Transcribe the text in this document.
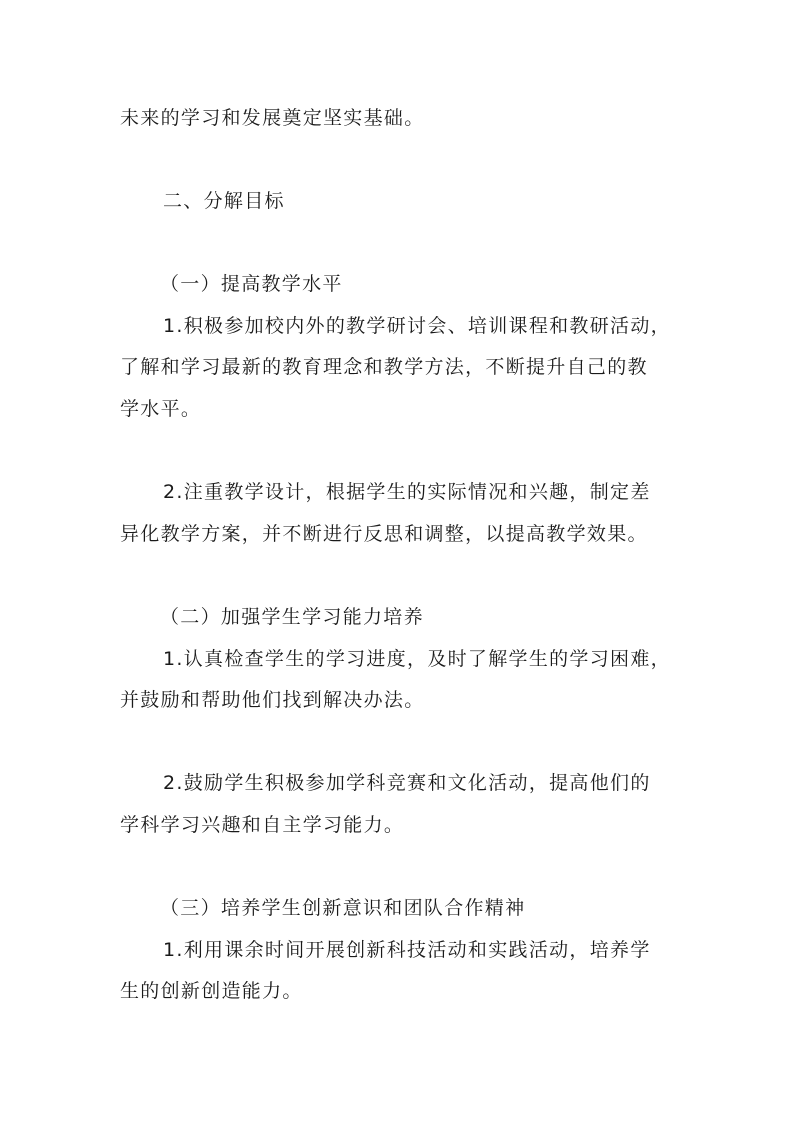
未来的学习和发展奠定坚实基础。
二、分解目标
（一）提高教学水平
1.积极参加校内外的教学研讨会、培训课程和教研活动，
了解和学习最新的教育理念和教学方法，不断提升自己的教
学水平。
2.注重教学设计，根据学生的实际情况和兴趣，制定差
异化教学方案，并不断进行反思和调整，以提高教学效果。
（二）加强学生学习能力培养
1.认真检查学生的学习进度，及时了解学生的学习困难，
并鼓励和帮助他们找到解决办法。
2.鼓励学生积极参加学科竞赛和文化活动，提高他们的
学科学习兴趣和自主学习能力。
（三）培养学生创新意识和团队合作精神
1.利用课余时间开展创新科技活动和实践活动，培养学
生的创新创造能力。
